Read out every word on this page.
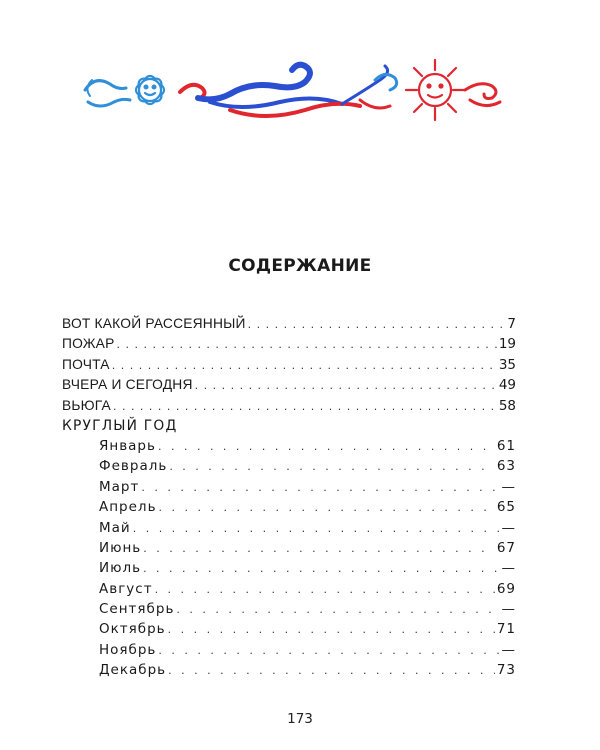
СОДЕРЖАНИЕ
ВОТ КАКОЙ РАССЕЯННЫЙ . . .	7
ПОЖАР . . .	19
ПОЧТА . . .	35
ВЧЕРА И СЕГОДНЯ . . .	49
ВЬЮГА . . .	58
КРУГЛЫЙ ГОД
Январь . . .	61
Февраль . . .	63
Март . . .	—
Апрель . . .	65
Май . . .	—
Июнь . . .	67
Июль . . .	—
Август . . .	69
Сентябрь . . .	—
Октябрь . . .	71
Ноябрь . . .	—
Декабрь . . .	73
173
